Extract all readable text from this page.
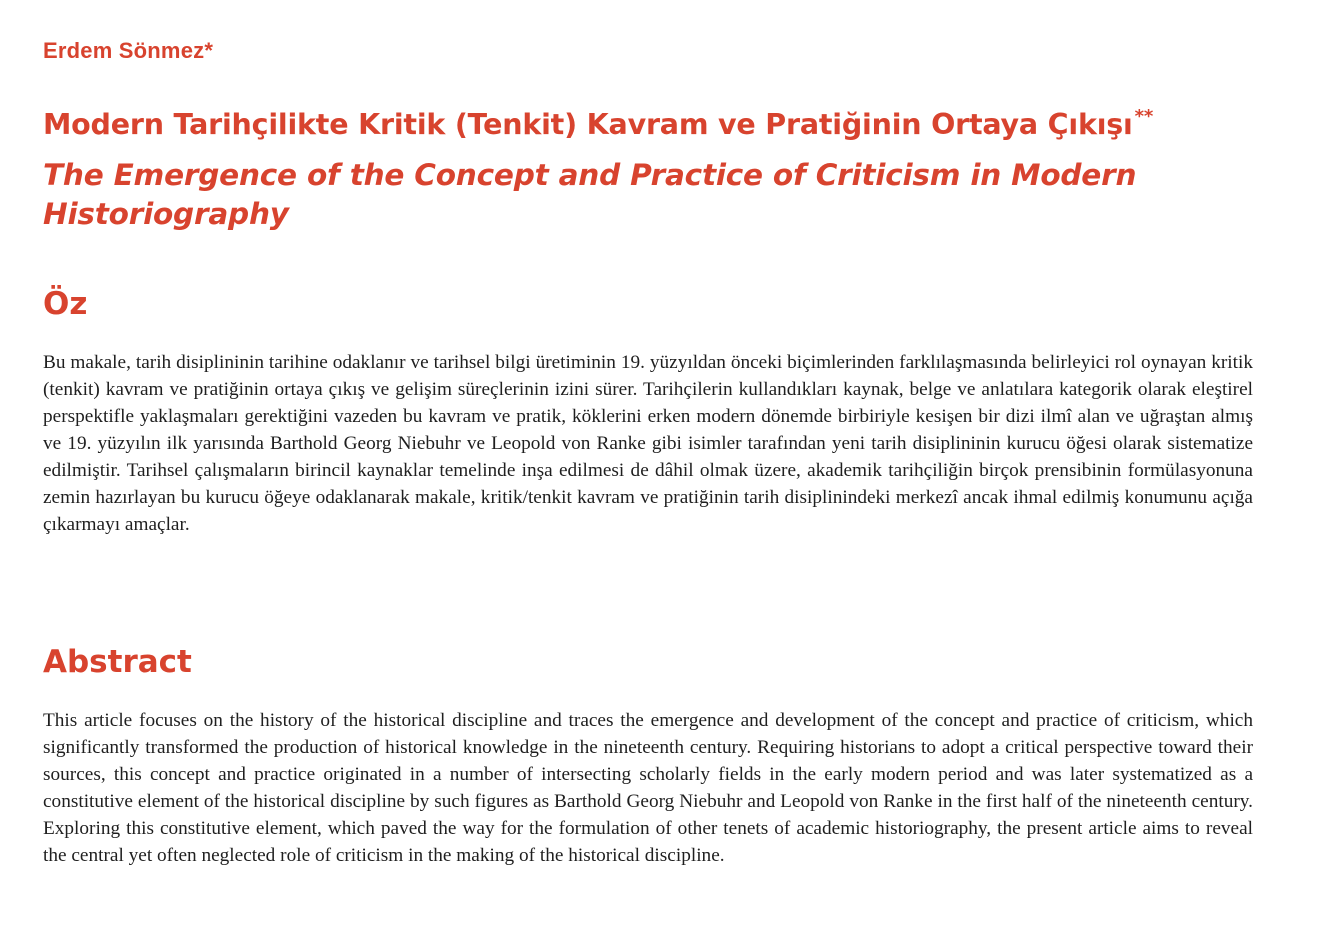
Erdem Sönmez*
Modern Tarihçilikte Kritik (Tenkit) Kavram ve Pratiğinin Ortaya Çıkışı **
The Emergence of the Concept and Practice of Criticism in Modern Historiography
Öz
Bu makale, tarih disiplininin tarihine odaklanır ve tarihsel bilgi üretiminin 19. yüzyıldan önceki biçimlerinden farklılaşmasında belirleyici rol oynayan kritik (tenkit) kavram ve pratiğinin ortaya çıkış ve gelişim süreçlerinin izini sürer. Tarihçilerin kullandıkları kaynak, belge ve anlatılara kategorik olarak eleştirel perspektifle yaklaşmaları gerektiğini vazeden bu kavram ve pratik, köklerini erken modern dönemde birbiriyle kesişen bir dizi ilmî alan ve uğraştan almış ve 19. yüzyılın ilk yarısında Barthold Georg Niebuhr ve Leopold von Ranke gibi isimler tarafından yeni tarih disiplininin kurucu öğesi olarak sistematize edilmiştir. Tarihsel çalışmaların birincil kaynaklar temelinde inşa edilmesi de dâhil olmak üzere, akademik tarihçiliğin birçok prensibinin formülasyonuna zemin hazırlayan bu kurucu öğeye odaklanarak makale, kritik/tenkit kavram ve pratiğinin tarih disiplinindeki merkezî ancak ihmal edilmiş konumunu açığa çıkarmayı amaçlar.
Abstract
This article focuses on the history of the historical discipline and traces the emergence and development of the concept and practice of criticism, which significantly transformed the production of historical knowledge in the nineteenth century. Requiring historians to adopt a critical perspective toward their sources, this concept and practice originated in a number of intersecting scholarly fields in the early modern period and was later systematized as a constitutive element of the historical discipline by such figures as Barthold Georg Niebuhr and Leopold von Ranke in the first half of the nineteenth century. Exploring this constitutive element, which paved the way for the formulation of other tenets of academic historiography, the present article aims to reveal the central yet often neglected role of criticism in the making of the historical discipline.
